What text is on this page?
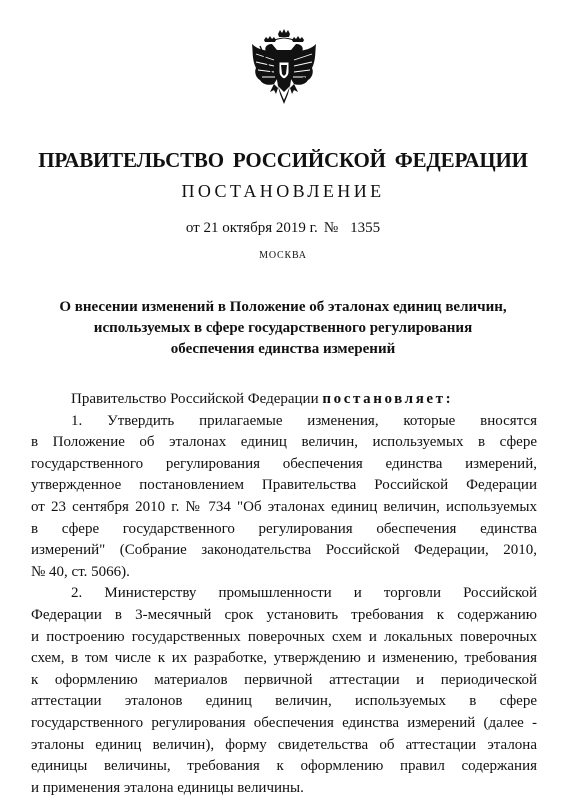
ПРАВИТЕЛЬСТВО РОССИЙСКОЙ ФЕДЕРАЦИИ
ПОСТАНОВЛЕНИЕ
от 21 октября 2019 г. № 1355
МОСКВА
О внесении изменений в Положение об эталонах единиц величин,
используемых в сфере государственного регулирования
обеспечения единства измерений
Правительство Российской Федерации постановляет:
1. Утвердить прилагаемые изменения, которые вносятся
в Положение об эталонах единиц величин, используемых в сфере
государственного регулирования обеспечения единства измерений,
утвержденное постановлением Правительства Российской Федерации
от 23 сентября 2010 г. № 734 "Об эталонах единиц величин, используемых
в сфере государственного регулирования обеспечения единства
измерений" (Собрание законодательства Российской Федерации, 2010,
№ 40, ст. 5066).
2. Министерству промышленности и торговли Российской
Федерации в 3-месячный срок установить требования к содержанию
и построению государственных поверочных схем и локальных поверочных
схем, в том числе к их разработке, утверждению и изменению, требования
к оформлению материалов первичной аттестации и периодической
аттестации эталонов единиц величин, используемых в сфере
государственного регулирования обеспечения единства измерений (далее -
эталоны единиц величин), форму свидетельства об аттестации эталона
единицы величины, требования к оформлению правил содержания
и применения эталона единицы величины.
